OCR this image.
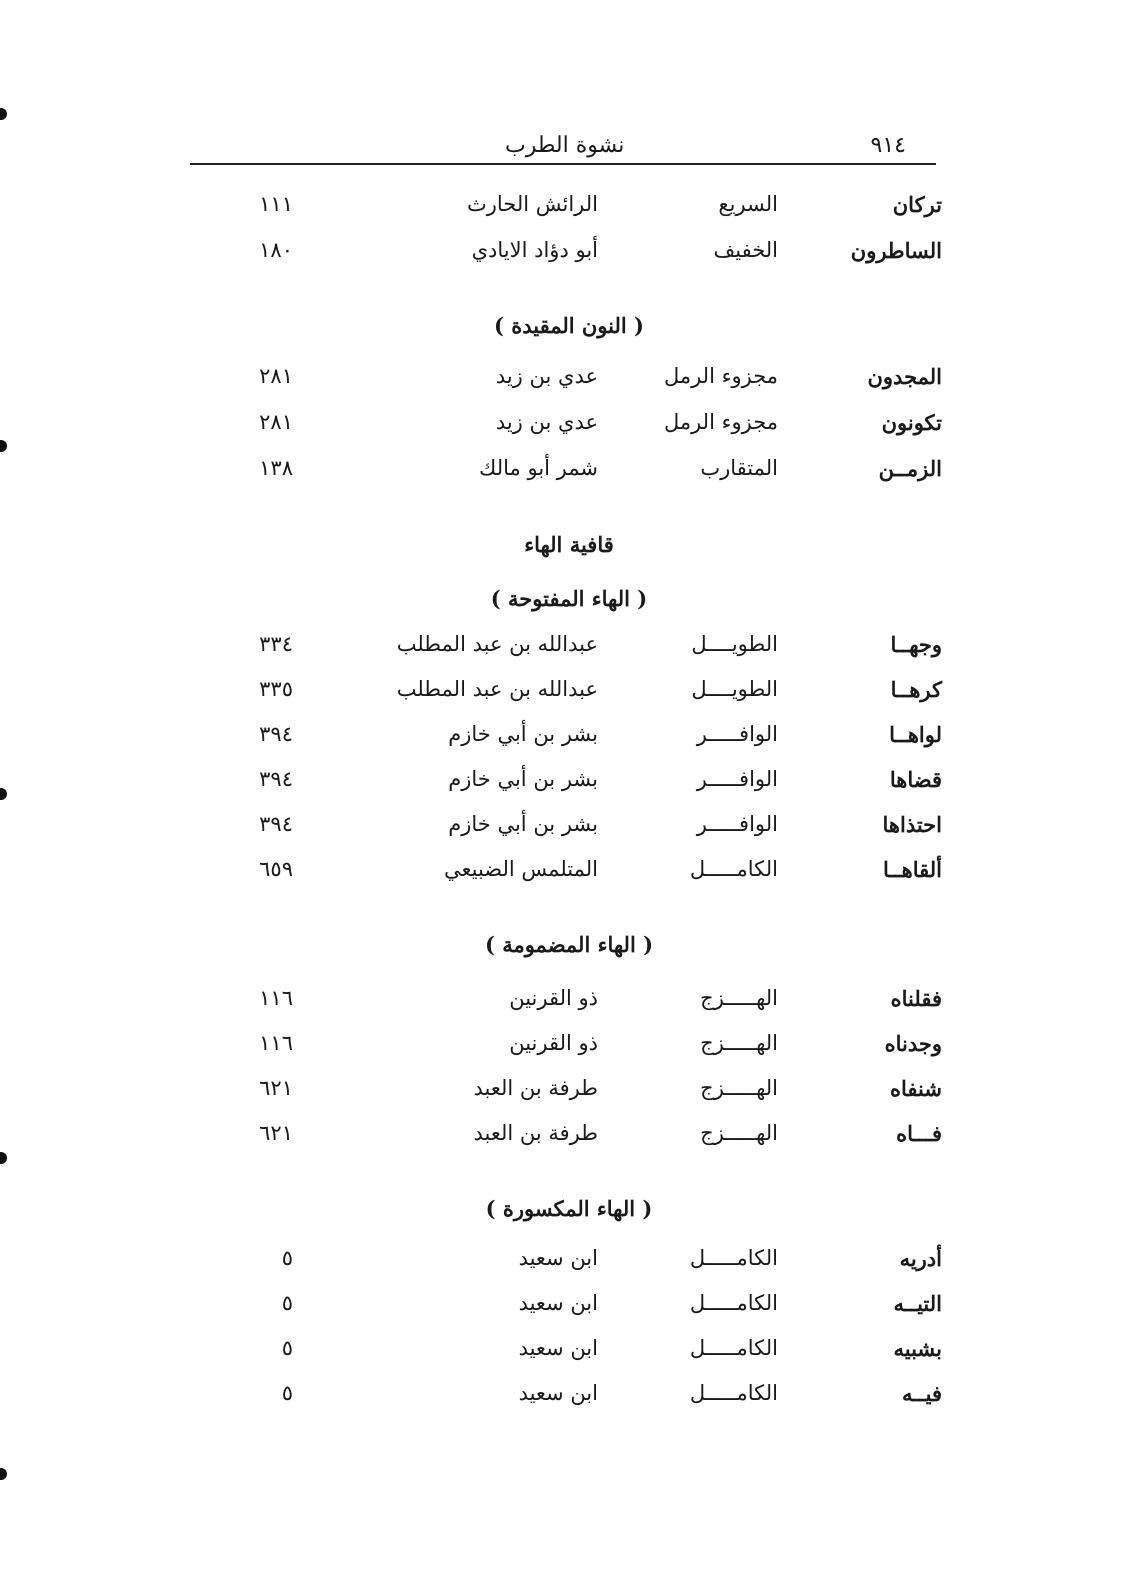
نشوة الطرب	٩١٤
تركان
السريع
الرائش الحارث
١١١
الساطرون
الخفيف
أبو دؤاد الايادي
١٨٠
( النون المقيدة )
المجدون
مجزوء الرمل
عدي بن زيد
٢٨١
تكونون
مجزوء الرمل
عدي بن زيد
٢٨١
الزمــن
المتقارب
شمر أبو مالك
١٣٨
قافية الهاء
( الهاء المفتوحة )
وجهــا
الطويــــل
عبدالله بن عبد المطلب
٣٣٤
كرهــا
الطويــــل
عبدالله بن عبد المطلب
٣٣٥
لواهــا
الوافـــــر
بشر بن أبي خازم
٣٩٤
قضاها
الوافـــــر
بشر بن أبي خازم
٣٩٤
احتذاها
الوافـــــر
بشر بن أبي خازم
٣٩٤
ألقاهــا
الكامـــــل
المتلمس الضبيعي
٦٥٩
( الهاء المضمومة )
فقلناه
الهـــــزج
ذو القرنين
١١٦
وجدناه
الهـــــزج
ذو القرنين
١١٦
شنفاه
الهـــــزج
طرفة بن العبد
٦٢١
فـــاه
الهـــــزج
طرفة بن العبد
٦٢١
( الهاء المكسورة )
أدريه
الكامـــــل
ابن سعيد
٥
التيــه
الكامـــــل
ابن سعيد
٥
بشبيه
الكامـــــل
ابن سعيد
٥
فيــه
الكامـــــل
ابن سعيد
٥
